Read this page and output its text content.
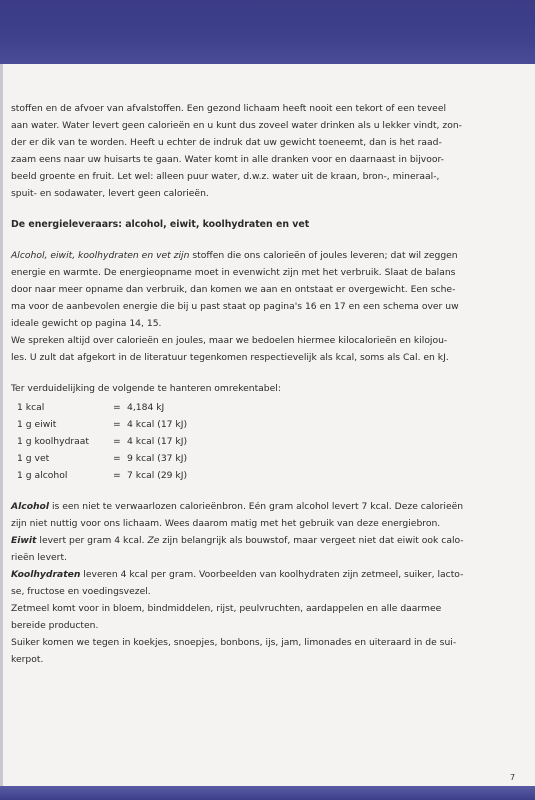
stoffen en de afvoer van afvalstoffen. Een gezond lichaam heeft nooit een tekort of een teveel

aan water. Water levert geen calorieën en u kunt dus zoveel water drinken als u lekker vindt, zon-

der er dik van te worden. Heeft u echter de indruk dat uw gewicht toeneemt, dan is het raad-

zaam eens naar uw huisarts te gaan. Water komt in alle dranken voor en daarnaast in bijvoor-

beeld groente en fruit. Let wel: alleen puur water, d.w.z. water uit de kraan, bron-, mineraal-,

spuit- en sodawater, levert geen calorieën.

De energieleveraars: alcohol, eiwit, koolhydraten en vet

Alcohol, eiwit, koolhydraten en vet zijn stoffen die ons calorieën of joules leveren; dat wil zeggen

energie en warmte. De energieopname moet in evenwicht zijn met het verbruik. Slaat de balans

door naar meer opname dan verbruik, dan komen we aan en ontstaat er overgewicht. Een sche-

ma voor de aanbevolen energie die bij u past staat op pagina's 16 en 17 en een schema over uw

ideale gewicht op pagina 14, 15.

We spreken altijd over calorieën en joules, maar we bedoelen hiermee kilocalorieën en kilojou-

les. U zult dat afgekort in de literatuur tegenkomen respectievelijk als kcal, soms als Cal. en kJ.

Ter verduidelijking de volgende te hanteren omrekentabel:

1 kcal	= 4,184 kJ
1 g eiwit	= 4 kcal (17 kJ)
1 g koolhydraat	= 4 kcal (17 kJ)
1 g vet	= 9 kcal (37 kJ)
1 g alcohol	= 7 kcal (29 kJ)

Alcohol is een niet te verwaarlozen calorieënbron. Eén gram alcohol levert 7 kcal. Deze calorieën

zijn niet nuttig voor ons lichaam. Wees daarom matig met het gebruik van deze energiebron.

Eiwit levert per gram 4 kcal. Ze zijn belangrijk als bouwstof, maar vergeet niet dat eiwit ook calo-

rieën levert.

Koolhydraten leveren 4 kcal per gram. Voorbeelden van koolhydraten zijn zetmeel, suiker, lacto-

se, fructose en voedingsvezel.

Zetmeel komt voor in bloem, bindmiddelen, rijst, peulvruchten, aardappelen en alle daarmee

bereide producten.

Suiker komen we tegen in koekjes, snoepjes, bonbons, ijs, jam, limonades en uiteraard in de sui-

kerpot.

7
